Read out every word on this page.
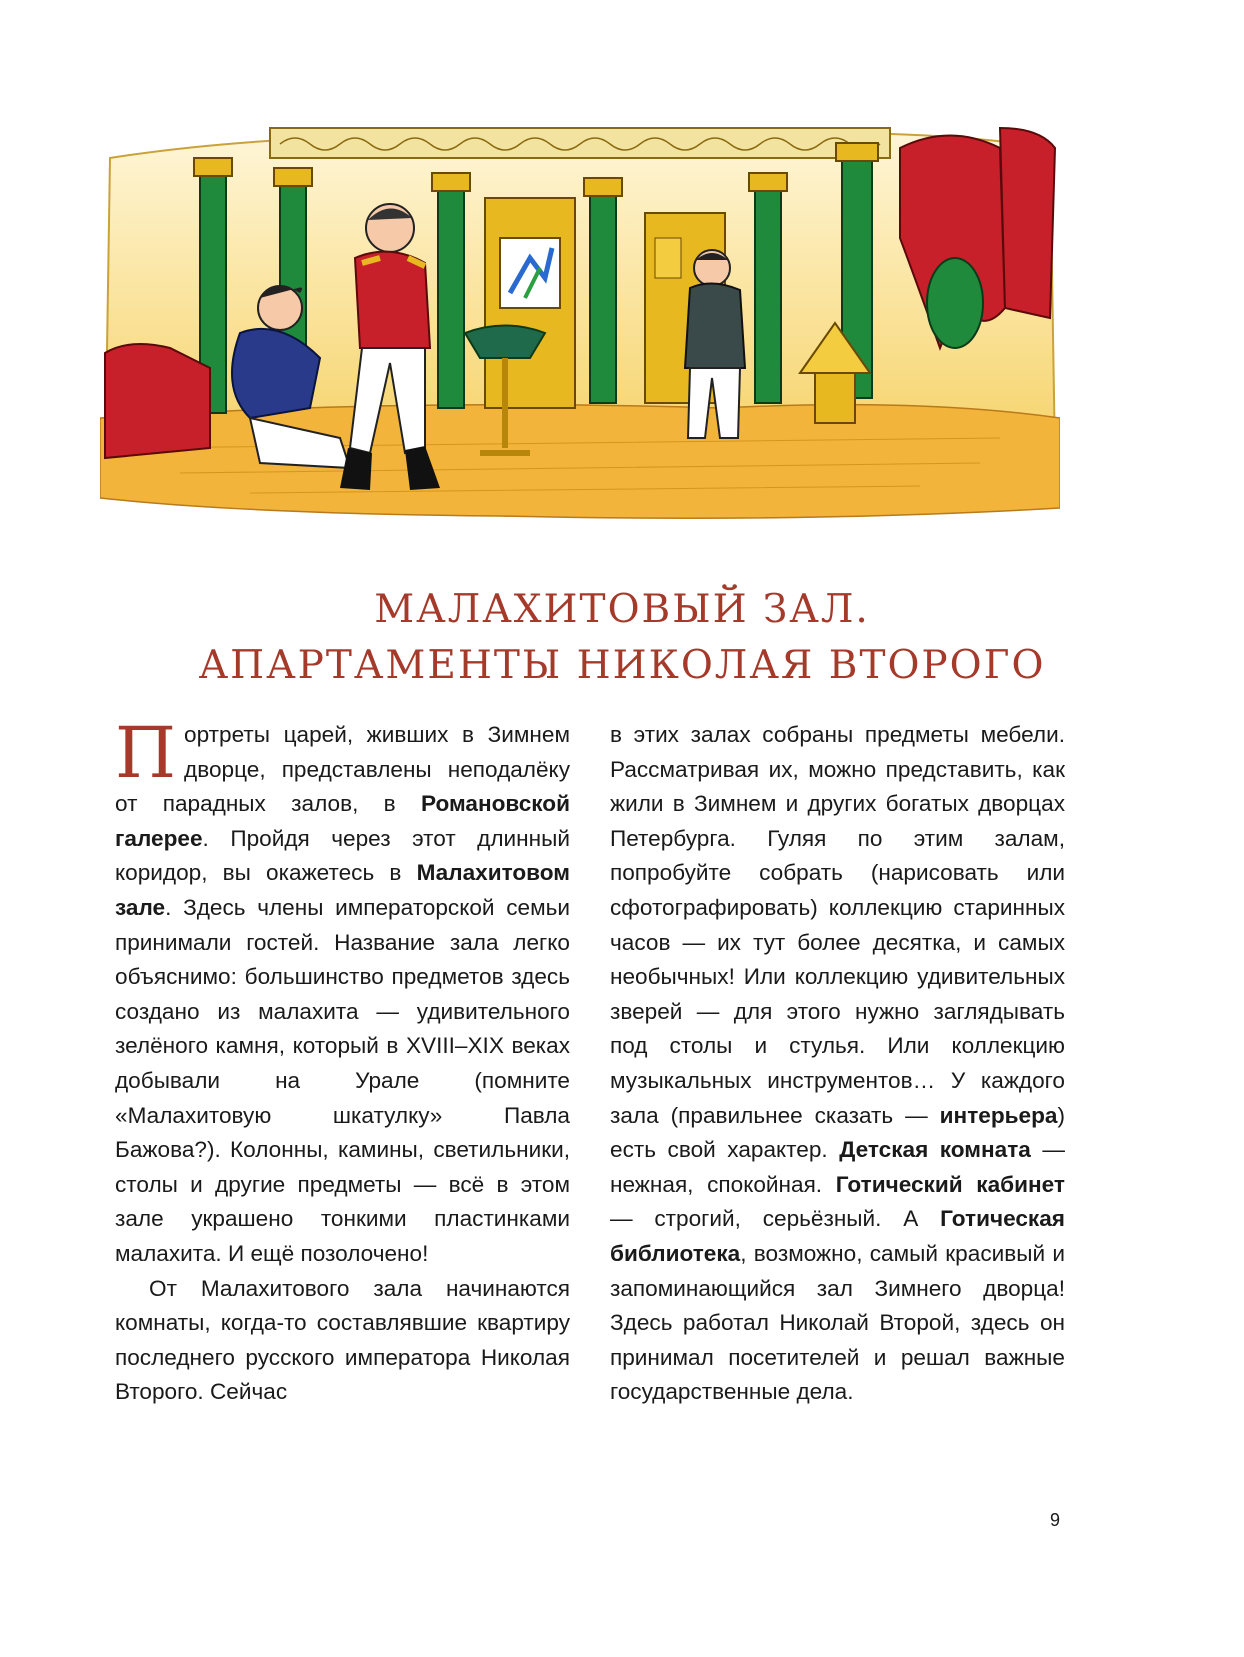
МАЛАХИТОВЫЙ ЗАЛ.
АПАРТАМЕНТЫ НИКОЛАЯ ВТОРОГО

Портреты царей, живших в Зимнем дворце, представлены неподалёку от парадных залов, в Романовской галерее. Пройдя через этот длинный коридор, вы окажетесь в Малахитовом зале. Здесь члены императорской семьи принимали гостей. Название зала легко объяснимо: большинство предметов здесь создано из малахита — удивительного зелёного камня, который в XVIII–XIX веках добывали на Урале (помните «Малахитовую шкатулку» Павла Бажова?). Колонны, камины, светильники, столы и другие предметы — всё в этом зале украшено тонкими пластинками малахита. И ещё позолочено!

От Малахитового зала начинаются комнаты, когда-то составлявшие квартиру последнего русского императора Николая Второго. Сейчас

в этих залах собраны предметы мебели. Рассматривая их, можно представить, как жили в Зимнем и других богатых дворцах Петербурга. Гуляя по этим залам, попробуйте собрать (нарисовать или сфотографировать) коллекцию старинных часов — их тут более десятка, и самых необычных! Или коллекцию удивительных зверей — для этого нужно заглядывать под столы и стулья. Или коллекцию музыкальных инструментов… У каждого зала (правильнее сказать — интерьера) есть свой характер. Детская комната — нежная, спокойная. Готический кабинет — строгий, серьёзный. А Готическая библиотека, возможно, самый красивый и запоминающийся зал Зимнего дворца! Здесь работал Николай Второй, здесь он принимал посетителей и решал важные государственные дела.

9
